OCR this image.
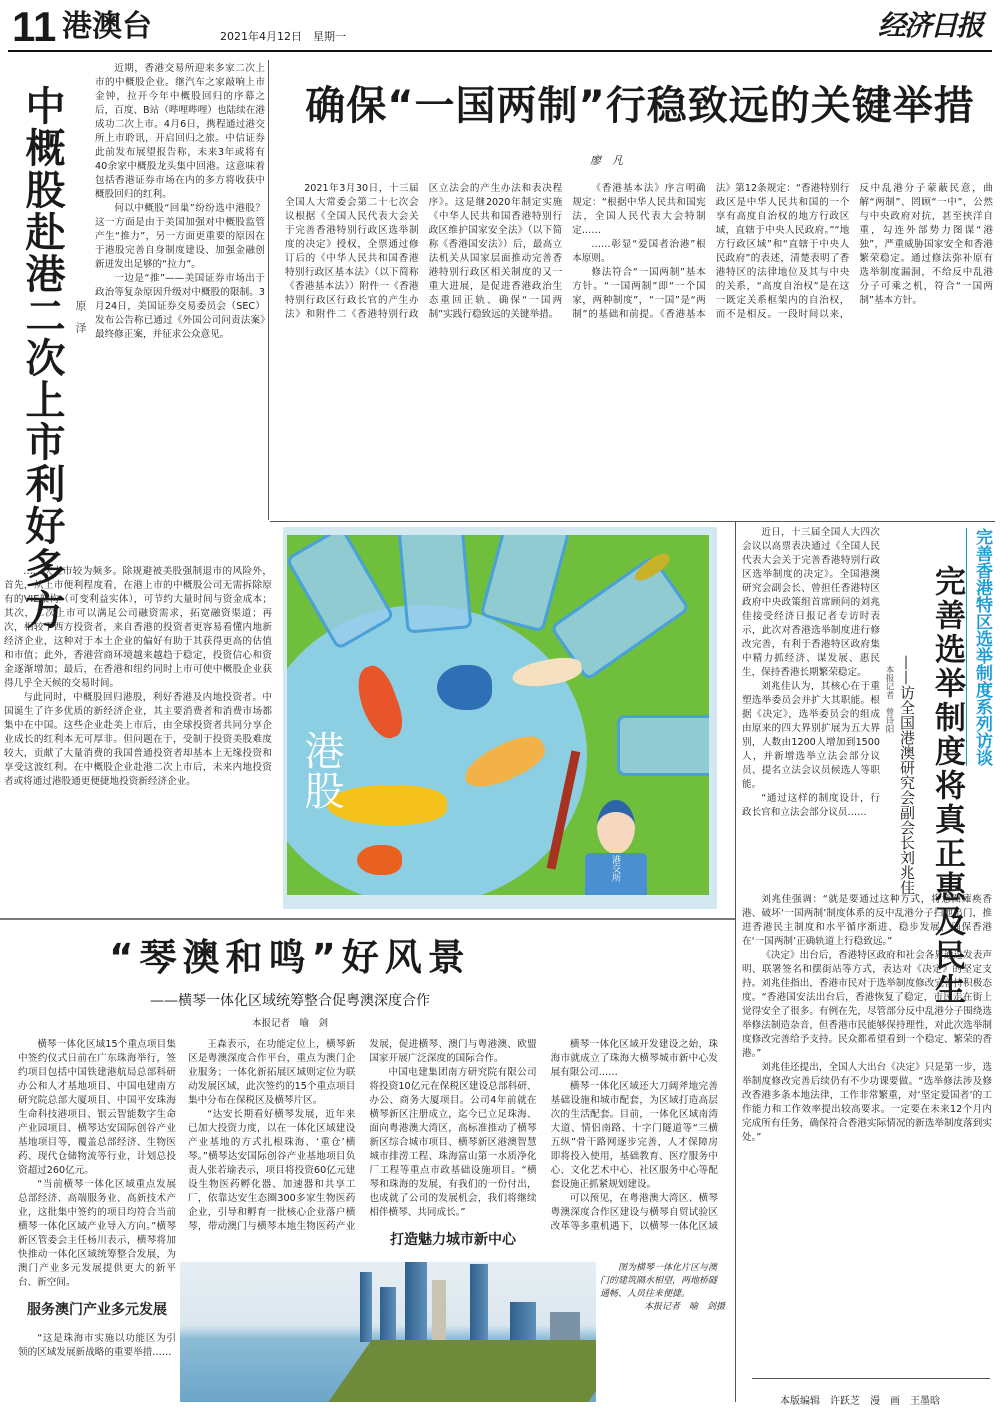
11 港澳台	2021年4月12日　星期一	经济日报
中概股赴港二次上市利好多方 原　泽

近期，香港交易所迎来多家二次上市的中概股企业。继汽车之家敲响上市金钟，拉开今年中概股回归的序幕之后，百度、B站（哔哩哔哩）也陆续在港成功二次上市。4月6日，携程通过港交所上市聆讯，开启回归之旅。中信证券此前发布展望报告称，未来3年或将有40余家中概股龙头集中回港。这意味着包括香港证券市场在内的多方将收获中概股回归的红利。

何以中概股“回巢”纷纷选中港股？这一方面是由于美国加强对中概股监管产生“推力”，另一方面更重要的原因在于港股完善自身制度建设、加强金融创新迸发出足够的“拉力”。

一边是“推”——美国证券市场出于政治等复杂原因升级对中概股的限制。3月24日，美国证券交易委员会（SEC）发布公告称已通过《外国公司问责法案》最终修正案，并征求公众意见。

……次上市较为频多。除规避被美股强制退市的风险外，首先，从上市便利程度看，在港上市的中概股公司无需拆除原有的VIE架构（可变利益实体），可节约大量时间与资金成本；其次，二次上市可以满足公司融资需求，拓宽融资渠道；再次，相较于西方投资者，来自香港的投资者更容易看懂内地新经济企业，这种对于本土企业的偏好有助于其获得更高的估值和市值；此外，香港营商环境越来越趋于稳定，投资信心和资金逐渐增加；最后，在香港和纽约同时上市可使中概股企业获得几乎全天候的交易时间。

与此同时，中概股回归港股，利好香港及内地投资者。中国诞生了许多优质的新经济企业，其主要消费者和消费市场都集中在中国。这些企业赴美上市后，由全球投资者共同分享企业成长的红利本无可厚非。但问题在于，受制于投资美股难度较大，贡献了大量消费的我国普通投资者却基本上无缘投资和享受这波红利。在中概股企业赴港二次上市后，未来内地投资者或将通过港股通更便捷地投资新经济企业。

确保“一国两制”行稳致远的关键举措
廖　凡

2021年3月30日，十三届全国人大常委会第二十七次会议根据《全国人民代表大会关于完善香港特别行政区选举制度的决定》授权，全票通过修订后的《中华人民共和国香港特别行政区基本法》（以下简称《香港基本法》）附件一《香港特别行政区行政长官的产生办法》和附件二《香港特别行政区立法会的产生办法和表决程序》。这是继2020年制定实施《中华人民共和国香港特别行政区维护国家安全法》（以下简称《香港国安法》）后，最高立法机关从国家层面推动完善香港特别行政区相关制度的又一重大进展，是促进香港政治生态重回正轨、确保“一国两制”实践行稳致远的关键举措。

《香港基本法》序言明确规定：“根据中华人民共和国宪法，全国人民代表大会特制定……

……彰显“爱国者治港”根本原则。

修法符合“一国两制”基本方针。“一国两制”即“一个国家，两种制度”，“一国”是“两制”的基础和前提。《香港基本法》第12条规定：“香港特别行政区是中华人民共和国的一个享有高度自治权的地方行政区域，直辖于中央人民政府。”“地方行政区域”和“直辖于中央人民政府”的表述，清楚表明了香港特区的法律地位及其与中央的关系，“高度自治权”是在这一既定关系框架内的自治权，而不是相反。一段时间以来，反中乱港分子蒙蔽民意，曲解“两制”、罔顾“一中”，公然与中央政府对抗，甚至挟洋自重，勾连外部势力图谋“港独”，严重威胁国家安全和香港繁荣稳定。通过修法弥补原有选举制度漏洞，不给反中乱港分子可乘之机，符合“一国两制”基本方针。

港股
港交所

近日，十三届全国人大四次会议以高票表决通过《全国人民代表大会关于完善香港特别行政区选举制度的决定》。全国港澳研究会副会长、曾担任香港特区政府中央政策组首席顾问的刘兆佳接受经济日报记者专访时表示，此次对香港选举制度进行修改完善，有利于香港特区政府集中精力抓经济、谋发展、惠民生，保持香港长期繁荣稳定。

刘兆佳认为，其核心在于重塑选举委员会并扩大其职能。根据《决定》，选举委员会的组成由原来的四大界别扩展为五大界别，人数由1200人增加到1500人，并新增选举立法会部分议员、提名立法会议员候选人等职能。

“通过这样的制度设计，行政长官和立法会部分议员……

完善香港特区选举制度系列访谈
完善选举制度将真正惠及民生
——访全国港澳研究会副会长刘兆佳
本报记者　曾诗阳

刘兆佳强调：“就是要通过这种方式，将意图瘫痪香港、破坏‘一国两制’制度体系的反中乱港分子扫地出门，推进香港民主制度和水平循序渐进、稳步发展，确保香港在‘一国两制’正确轨道上行稳致远。”

《决定》出台后，香港特区政府和社会各界通过发表声明、联署签名和摆街站等方式，表达对《决定》的坚定支持。刘兆佳指出，香港市民对于选举制度修改完善持积极态度。“香港国安法出台后，香港恢复了稳定，市民走在街上觉得安全了很多。有例在先，尽管部分反中乱港分子围绕选举修法制造杂音，但香港市民能够保持理性，对此次选举制度修改完善给予支持。民众都希望看到一个稳定、繁荣的香港。”

刘兆佳还提出，全国人大出台《决定》只是第一步，选举制度修改完善后续仍有不少功课要做。“选举修法涉及修改香港多条本地法律，工作非常繁重，对‘坚定爱国者’的工作能力和工作效率提出较高要求。一定要在未来12个月内完成所有任务，确保符合香港实际情况的新选举制度落到实处。”

本版编辑　许跃芝　漫　画　王墨晗
“琴澳和鸣”好风景
——横琴一体化区域统筹整合促粤澳深度合作
本报记者　喻　剑

横琴一体化区域15个重点项目集中签约仪式日前在广东珠海举行，签约项目包括中国铁建港航局总部科研办公和人才基地项目、中国电建南方研究院总部大厦项目、中国平安珠海生命科技港项目、银云智能数字生命产业园项目、横琴达安国际创谷产业基地项目等，覆盖总部经济、生物医药、现代仓储物流等行业，计划总投资超过260亿元。

“当前横琴一体化区域重点发展总部经济、高端服务业、高新技术产业，这批集中签约的项目均符合当前横琴一体化区域产业导入方向。”横琴新区管委会主任杨川表示，横琴将加快推动一体化区域统筹整合发展，为澳门产业多元发展提供更大的新平台、新空间。

服务澳门产业多元发展

“这是珠海市实施以功能区为引领的区域发展新战略的重要举措……

王森表示，在功能定位上，横琴新区是粤澳深度合作平台，重点为澳门企业服务；一体化新拓展区域则定位为联动发展区域，此次签约的15个重点项目集中分布在保税区及横琴片区。

“达安长期看好横琴发展，近年来已加大投资力度，以在一体化区域建设产业基地的方式扎根珠海、‘重仓’横琴。”横琴达安国际创谷产业基地项目负责人张若瑜表示，项目将投资60亿元建设生物医药孵化器、加速器和共享工厂，依靠达安生态圈300多家生物医药企业，引导和孵育一批核心企业落户横琴，带动澳门与横琴本地生物医药产业发展，促进横琴、澳门与粤港澳、欧盟国家开展广泛深度的国际合作。

中国电建集团南方研究院有限公司将投资10亿元在保税区建设总部科研、办公、商务大厦项目。公司4年前就在横琴新区注册成立，迄今已立足珠海、面向粤港澳大湾区，高标准推动了横琴新区综合城市项目、横琴新区港澳智慧城市排涝工程、珠海富山第一水质净化厂工程等重点市政基础设施项目。“横琴和珠海的发展，有我们的一份付出，也成就了公司的发展机会，我们将继续相伴横琴、共同成长。”

打造魅力城市新中心

横琴一体化区域开发建设之始，珠海市就成立了珠海大横琴城市新中心发展有限公司……

横琴一体化区域还大刀阔斧地完善基础设施和城市配套，为区域打造高层次的生活配套。目前，一体化区域南湾大道、情侣南路、十字门隧道等“三横五纵”骨干路网逐步完善，人才保障房即将投入使用，基础教育、医疗服务中心、文化艺术中心、社区服务中心等配套设施正抓紧规划建设。

可以预见，在粤港澳大湾区、横琴粤澳深度合作区建设与横琴自贸试验区改革等多重机遇下，以横琴一体化区域

图为横琴一体化片区与澳门的建筑隔水相望，两地桥隧通畅、人员往来便捷。
本报记者　喻　剑摄
